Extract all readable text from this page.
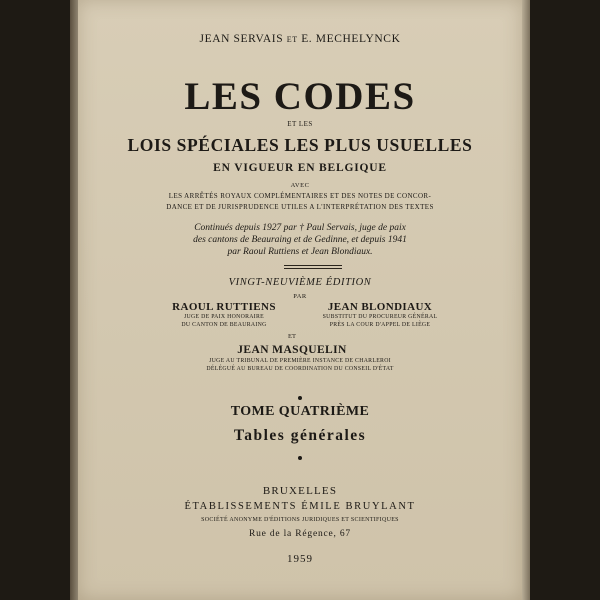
JEAN SERVAIS ET E. MECHELYNCK
LES CODES
ET LES
LOIS SPÉCIALES LES PLUS USUELLES
EN VIGUEUR EN BELGIQUE
AVEC
LES ARRÊTÉS ROYAUX COMPLÉMENTAIRES ET DES NOTES DE CONCOR-
DANCE ET DE JURISPRUDENCE UTILES A L'INTERPRÉTATION DES TEXTES
Continués depuis 1927 par † Paul Servais, juge de paix
des cantons de Beauraing et de Gedinne, et depuis 1941
par Raoul Ruttiens et Jean Blondiaux.
VINGT-NEUVIÈME ÉDITION
PAR
RAOUL RUTTIENS
JUGE DE PAIX HONORAIRE
DU CANTON DE BEAURAING
JEAN BLONDIAUX
SUBSTITUT DU PROCUREUR GÉNÉRAL
PRÈS LA COUR D'APPEL DE LIÈGE
ET
JEAN MASQUELIN
JUGE AU TRIBUNAL DE PREMIÈRE INSTANCE DE CHARLEROI
DÉLÉGUÉ AU BUREAU DE COORDINATION DU CONSEIL D'ÉTAT
TOME QUATRIÈME
Tables générales
BRUXELLES
ÉTABLISSEMENTS ÉMILE BRUYLANT
SOCIÉTÉ ANONYME D'ÉDITIONS JURIDIQUES ET SCIENTIFIQUES
Rue de la Régence, 67
1959
